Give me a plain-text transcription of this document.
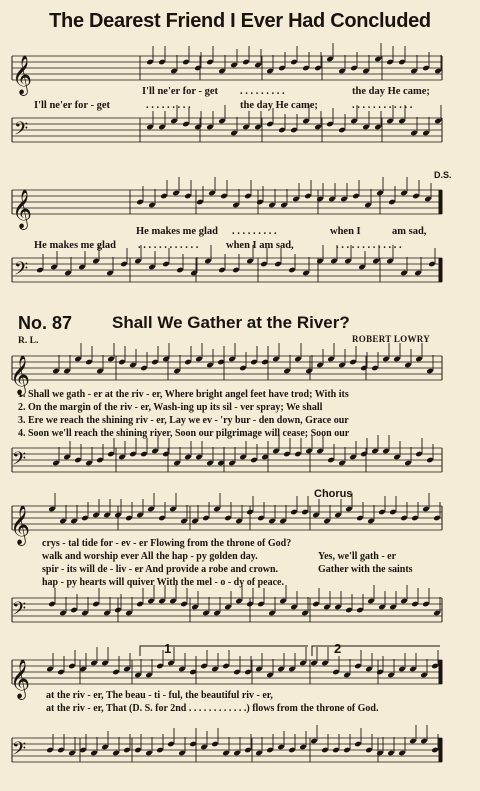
𝄞
𝄢
𝄞
𝄢
𝄞
𝄢
𝄞
𝄢
𝄞
𝄢
The Dearest Friend I Ever Had Concluded
I'll ne'er for - get . . . . . . . . .	the day He came;
I'll ne'er for - get	. . . . . . . . .	the day He came;	. . . . . . . . . . . .
He makes me glad . . . . . . . . .	when I	am sad,
He makes me glad . . . . . . . . . . . .	when I am sad,	. . . . . . . . . . . . .
D.S.
No. 87 Shall We Gather at the River?
R. L.	ROBERT LOWRY
1. Shall we gath - er at the riv - er, Where bright angel feet have trod; With its
2. On the margin of the riv - er, Wash-ing up its sil - ver spray; We shall
3. Ere we reach the shining riv - er, Lay we ev - 'ry bur - den down, Grace our
4. Soon we'll reach the shining river, Soon our pilgrimage will cease; Soon our
Chorus
crys - tal tide for - ev - er Flowing from the throne of God?
walk and worship ever All the hap - py golden day.
spir - its will de - liv - er And provide a robe and crown.
hap - py hearts will quiver With the mel - o - dy of peace.
Yes, we'll gath - er
Gather with the saints
1	2
at the riv - er, The beau - ti - ful, the beautiful riv - er,
at the riv - er, That (D. S. for 2nd . . . . . . . . . . . .) flows from the throne of God.
